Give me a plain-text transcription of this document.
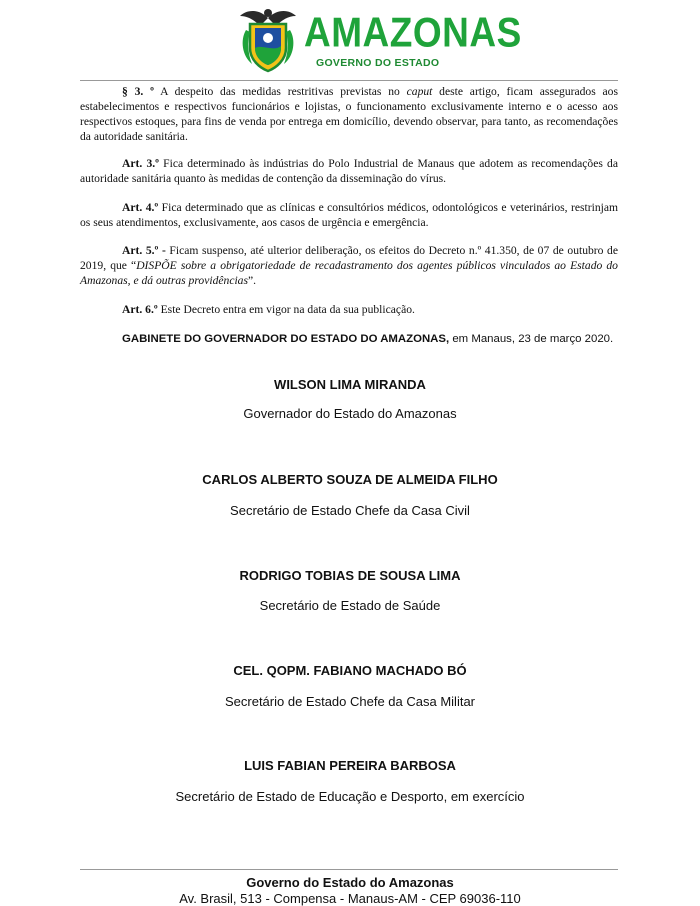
AMAZONAS
GOVERNO DO ESTADO

§ 3. º A despeito das medidas restritivas previstas no caput deste artigo, ficam assegurados aos estabelecimentos e respectivos funcionários e lojistas, o funcionamento exclusivamente interno e o acesso aos respectivos estoques, para fins de venda por entrega em domicílio, devendo observar, para tanto, as recomendações da autoridade sanitária.

Art. 3.º Fica determinado às indústrias do Polo Industrial de Manaus que adotem as recomendações da autoridade sanitária quanto às medidas de contenção da disseminação do vírus.

Art. 4.º Fica determinado que as clínicas e consultórios médicos, odontológicos e veterinários, restrinjam os seus atendimentos, exclusivamente, aos casos de urgência e emergência.

Art. 5.º - Ficam suspenso, até ulterior deliberação, os efeitos do Decreto n.º 41.350, de 07 de outubro de 2019, que “DISPÕE sobre a obrigatoriedade de recadastramento dos agentes públicos vinculados ao Estado do Amazonas, e dá outras providências”.

Art. 6.º Este Decreto entra em vigor na data da sua publicação.

GABINETE DO GOVERNADOR DO ESTADO DO AMAZONAS, em Manaus, 23 de março 2020.

WILSON LIMA MIRANDA
Governador do Estado do Amazonas
CARLOS ALBERTO SOUZA DE ALMEIDA FILHO
Secretário de Estado Chefe da Casa Civil
RODRIGO TOBIAS DE SOUSA LIMA
Secretário de Estado de Saúde
CEL. QOPM. FABIANO MACHADO BÓ
Secretário de Estado Chefe da Casa Militar
LUIS FABIAN PEREIRA BARBOSA
Secretário de Estado de Educação e Desporto, em exercício
Governo do Estado do Amazonas
Av. Brasil, 513 - Compensa - Manaus-AM - CEP 69036-110
